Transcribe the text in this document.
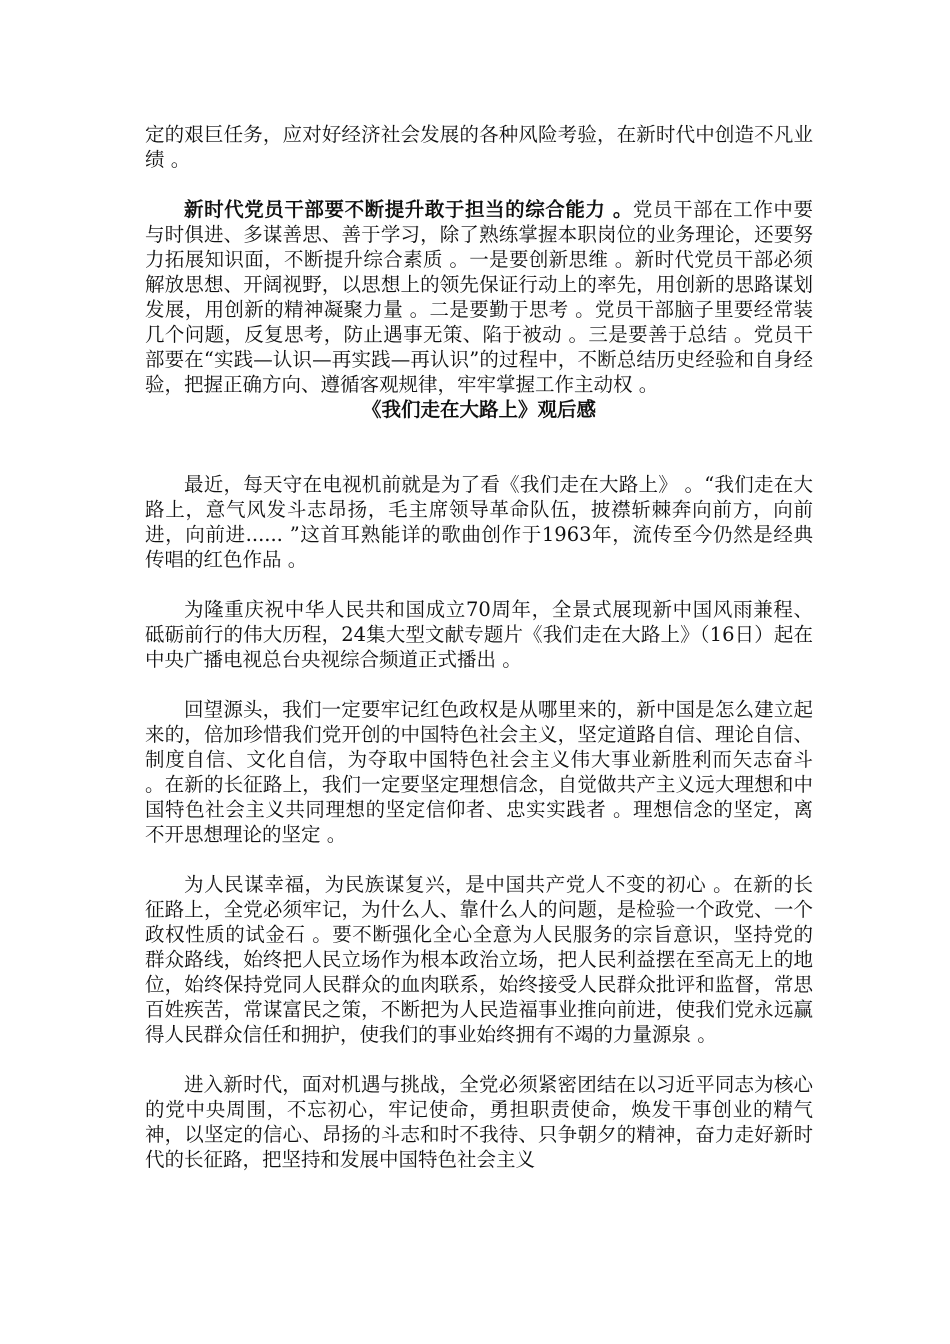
定的艰巨任务，应对好经济社会发展的各种风险考验，在新时代中创造不凡业绩 。

新时代党员干部要不断提升敢于担当的综合能力 。党员干部在工作中要与时俱进、多谋善思、善于学习，除了熟练掌握本职岗位的业务理论，还要努力拓展知识面，不断提升综合素质 。一是要创新思维 。新时代党员干部必须解放思想、开阔视野，以思想上的领先保证行动上的率先，用创新的思路谋划发展，用创新的精神凝聚力量 。二是要勤于思考 。党员干部脑子里要经常装几个问题，反复思考，防止遇事无策、陷于被动 。三是要善于总结 。党员干部要在“实践—认识—再实践—再认识”的过程中，不断总结历史经验和自身经验，把握正确方向、遵循客观规律，牢牢掌握工作主动权 。

《我们走在大路上》观后感

最近，每天守在电视机前就是为了看《我们走在大路上》 。“我们走在大路上，意气风发斗志昂扬，毛主席领导革命队伍，披襟斩棘奔向前方，向前进，向前进...... ”这首耳熟能详的歌曲创作于1963年，流传至今仍然是经典传唱的红色作品 。

为隆重庆祝中华人民共和国成立70周年，全景式展现新中国风雨兼程、砥砺前行的伟大历程，24集大型文献专题片《我们走在大路上》（16日）起在中央广播电视总台央视综合频道正式播出 。

回望源头，我们一定要牢记红色政权是从哪里来的，新中国是怎么建立起来的，倍加珍惜我们党开创的中国特色社会主义，坚定道路自信、理论自信、制度自信、文化自信，为夺取中国特色社会主义伟大事业新胜利而矢志奋斗 。在新的长征路上，我们一定要坚定理想信念，自觉做共产主义远大理想和中国特色社会主义共同理想的坚定信仰者、忠实实践者 。理想信念的坚定，离不开思想理论的坚定 。

为人民谋幸福，为民族谋复兴，是中国共产党人不变的初心 。在新的长征路上，全党必须牢记，为什么人、靠什么人的问题，是检验一个政党、一个政权性质的试金石 。要不断强化全心全意为人民服务的宗旨意识，坚持党的群众路线，始终把人民立场作为根本政治立场，把人民利益摆在至高无上的地位，始终保持党同人民群众的血肉联系，始终接受人民群众批评和监督，常思百姓疾苦，常谋富民之策，不断把为人民造福事业推向前进，使我们党永远赢得人民群众信任和拥护，使我们的事业始终拥有不竭的力量源泉 。

进入新时代，面对机遇与挑战，全党必须紧密团结在以习近平同志为核心的党中央周围，不忘初心，牢记使命，勇担职责使命，焕发干事创业的精气神，以坚定的信心、昂扬的斗志和时不我待、只争朝夕的精神，奋力走好新时代的长征路，把坚持和发展中国特色社会主义
